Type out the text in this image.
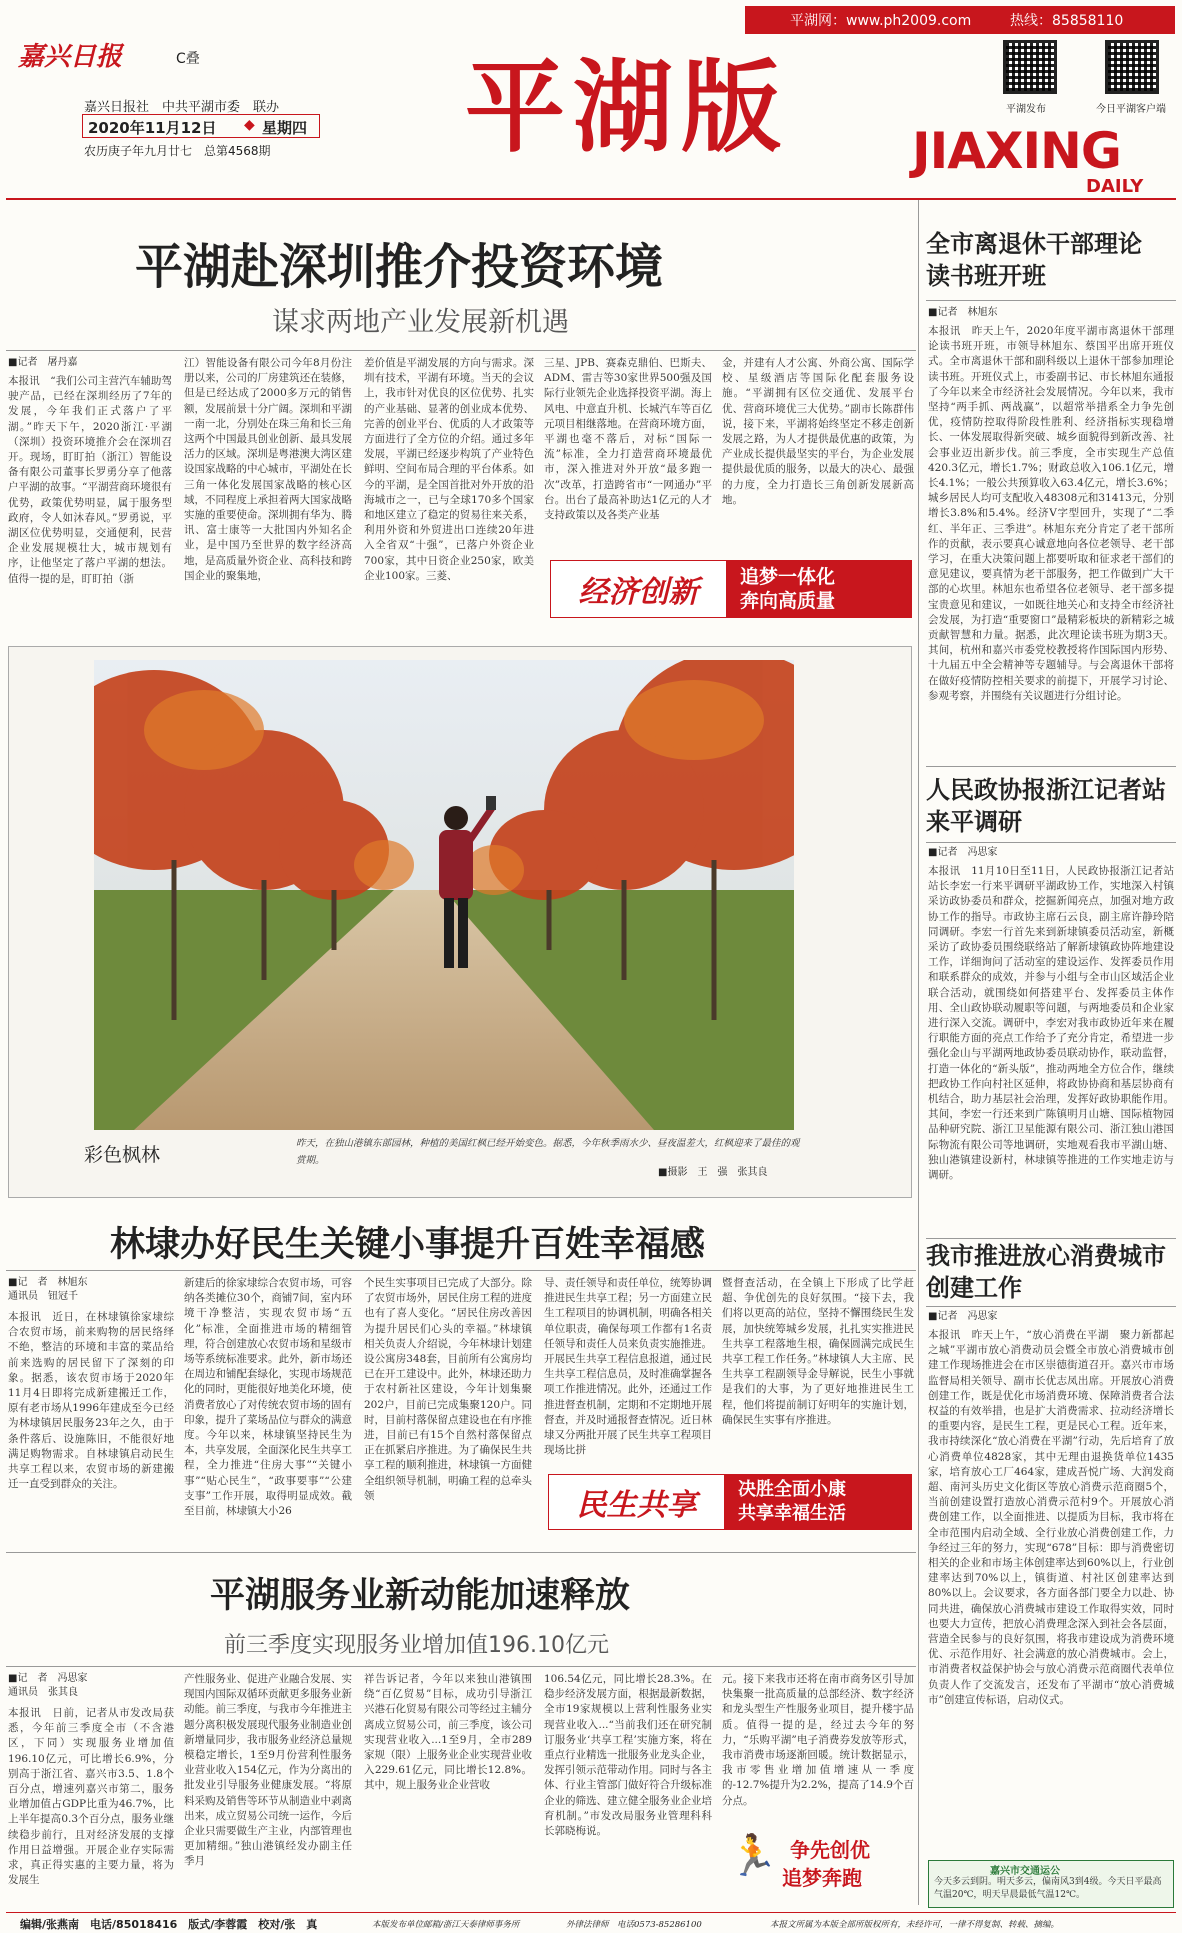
平湖网：www.ph2009.com	热线：85858110
嘉兴日报	C叠
嘉兴日报社　中共平湖市委　联办
2020年11月12日 ◆ 星期四
农历庚子年九月廿七　总第4568期 平湖版	平湖发布	今日平湖客户端
JIAXING
DAILY
平湖赴深圳推介投资环境
谋求两地产业发展新机遇
■记者　屠丹嘉
本报讯　“我们公司主营汽车辅助驾驶产品，已经在深圳经历了7年的发展，今年我们正式落户了平湖。”昨天下午，2020浙江·平湖（深圳）投资环境推介会在深圳召开。现场，盯盯拍（浙江）智能设备有限公司董事长罗勇分享了他落户平湖的故事。“平湖营商环境很有优势，政策优势明显，属于服务型政府，令人如沐春风。”罗勇说，平湖区位优势明显，交通便利，民营企业发展规模壮大，城市规划有序，让他坚定了落户平湖的想法。值得一提的是，盯盯拍（浙
江）智能设备有限公司今年8月份注册以来，公司的厂房建筑还在装修，但是已经达成了2000多万元的销售额，发展前景十分广阔。深圳和平湖一南一北，分别处在珠三角和长三角这两个中国最具创业创新、最具发展活力的区域。深圳是粤港澳大湾区建设国家战略的中心城市，平湖处在长三角一体化发展国家战略的核心区域，不同程度上承担着两大国家战略实施的重要使命。深圳拥有华为、腾讯、富士康等一大批国内外知名企业，是中国乃至世界的数字经济高地，是高质量外资企业、高科技和跨国企业的聚集地，
差价值是平湖发展的方向与需求。深圳有技术，平湖有环境。当天的会议上，我市针对优良的区位优势、扎实的产业基础、显著的创业成本优势、完善的创业平台、优质的人才政策等方面进行了全方位的介绍。通过多年发展，平湖已经逐步构筑了产业特色鲜明、空间布局合理的平台体系。如今的平湖，是全国首批对外开放的沿海城市之一，已与全球170多个国家和地区建立了稳定的贸易往来关系，利用外资和外贸进出口连续20年进入全省双“十强”，已落户外资企业700家，其中日资企业250家，欧美企业100家。三菱、
三星、JPB、赛森克鼎伯、巴斯夫、ADM、雷吉等30家世界500强及国际行业领先企业选择投资平湖。海上风电、中意直升机、长城汽车等百亿元项目相继落地。在营商环境方面，平湖也毫不落后，对标“国际一流”标准，全力打造营商环境最优市，深入推进对外开放“最多跑一次”改革，打造跨省市“一网通办”平台。出台了最高补助达1亿元的人才支持政策以及各类产业基
金，并建有人才公寓、外商公寓、国际学校、星级酒店等国际化配套服务设施。“平湖拥有区位交通优、发展平台优、营商环境优三大优势。”副市长陈群伟说，接下来，平湖将始终坚定不移走创新发展之路，为人才提供最优惠的政策，为产业成长提供最坚实的平台，为企业发展提供最优质的服务，以最大的决心、最强的力度，全力打造长三角创新发展新高地。
经济创新	追梦一体化
奔向高质量
彩色枫林
昨天，在独山港镇东部园林，种植的美国红枫已经开始变色。据悉，今年秋季雨水少、昼夜温差大，红枫迎来了最佳的观赏期。
■摄影　王　强　张其良
林埭办好民生关键小事提升百姓幸福感
■记　者　林旭东
通讯员　钮冠千
本报讯　近日，在林埭镇徐家埭综合农贸市场，前来购物的居民络绎不绝，整洁的环境和丰富的菜品给前来选购的居民留下了深刻的印象。据悉，该农贸市场于2020年11月4日即将完成新建搬迁工作，原有老市场从1996年建成至今已经为林埭镇居民服务23年之久，由于条件落后、设施陈旧，不能很好地满足购物需求。自林埭镇启动民生共享工程以来，农贸市场的新建搬迁一直受到群众的关注。
新建后的徐家埭综合农贸市场，可容纳各类摊位30个，商铺7间，室内环境干净整洁，实现农贸市场“五化”标准，全面推进市场的精细管理，符合创建放心农贸市场和星级市场等系统标准要求。此外，新市场还在周边和铺配套绿化，实现市场规范化的同时，更能很好地美化环境，使消费者放心了对传统农贸市场的固有印象，提升了菜场品位与群众的满意度。今年以来，林埭镇坚持民生为本，共享发展，全面深化民生共享工程，全力推进“住房大事”“关键小事”“贴心民生”，“政事要事”“公建支事”工作开展，取得明显成效。截至目前，林埭镇大小26
个民生实事项目已完成了大部分。除了农贸市场外，居民住房工程的进度也有了喜人变化。“居民住房改善因为提升居民们心头的幸福。”林埭镇相关负责人介绍说，今年林埭计划建设公寓房348套，目前所有公寓房均已在开工建设中。此外，林埭还助力于农村新社区建设，今年计划集聚202户，目前已完成集聚120户。同时，目前村落保留点建设也在有序推进，目前已有15个自然村落保留点正在抓紧启序推进。为了确保民生共享工程的顺利推进，林埭镇一方面健全组织领导机制，明确工程的总牵头领
导、责任领导和责任单位，统筹协调推进民生共享工程；另一方面建立民生工程项目的协调机制，明确各相关单位职责，确保每项工作都有1名责任领导和责任人员来负责实施推进。开展民生共享工程信息报道，通过民生共享工程信息员，及时准确掌握各项工作推进情况。此外，还通过工作推进督查机制，定期和不定期地开展督查，并及时通报督查情况。近日林埭又分两批开展了民生共享工程项目现场比拼
暨督查活动，在全镇上下形成了比学赶超、争优创先的良好氛围。“接下去，我们将以更高的站位，坚持不懈围绕民生发展，加快统筹城乡发展，扎扎实实推进民生共享工程落地生根，确保圆满完成民生共享工程工作任务。”林埭镇人大主席、民生共享工程副领导金导解说，民生小事就是我们的大事，为了更好地推进民生工程，他们将提前制订好明年的实施计划，确保民生实事有序推进。
民生共享	决胜全面小康
共享幸福生活
平湖服务业新动能加速释放
前三季度实现服务业增加值196.10亿元
■记　者　冯思家
通讯员　张其良
本报讯　日前，记者从市发改局获悉，今年前三季度全市（不含港区，下同）实现服务业增加值196.10亿元，可比增长6.9%，分别高于浙江省、嘉兴市3.5、1.8个百分点，增速列嘉兴市第二，服务业增加值占GDP比重为46.7%，比上半年提高0.3个百分点，服务业继续稳步前行，且对经济发展的支撑作用日益增强。开展企业存实际需求，真正得实惠的主要力量，将为发展生
产性服务业、促进产业融合发展、实现国内国际双循环贡献更多服务业新动能。前三季度，与我市今年推进主题分离积极发展现代服务业制造业创新增量同步，我市服务业经济总量规模稳定增长，1至9月份营利性服务业营业收入154亿元，作为分离出的批发业引导服务业健康发展。“将原料采购及销售等环节从制造业中剥离出来，成立贸易公司统一运作，今后企业只需要做生产主业，内部管理也更加精细。”独山港镇经发办副主任季月
祥告诉记者，今年以来独山港镇围绕“百亿贸易”目标，成功引导浙江兴港石化贸易有限公司等经过主辅分离成立贸易公司，前三季度，该公司实现营业收入...1至9月，全市289家规（限）上服务业企业实现营业收入229.61亿元，同比增长12.8%。其中，规上服务业企业营收
106.54亿元，同比增长28.3%。在稳步经济发展方面，根据最新数据，全市19家规模以上营利性服务业实现营业收入...“当前我们还在研究制订服务业‘共享工程’实施方案，将在重点行业精选一批服务业龙头企业，发挥引领示范带动作用。同时与各主体、行业主管部门做好符合升级标准企业的筛选、建立健全服务业企业培育机制。”市发改局服务业管理科科长郭晓梅说。
元。接下来我市还将在南市商务区引导加快集聚一批高质量的总部经济、数字经济和龙头型生产性服务业项目，提升楼宇品质。值得一提的是，经过去今年的努力，“乐购平湖”电子消费券发放等形式，我市消费市场逐渐回暖。统计数据显示，我市零售业增加值增速从一季度的-12.7%提升为2.2%，提高了14.9个百分点。
🏃 争先创优
追梦奔跑
全市离退休干部理论读书班开班
■记者　林旭东
本报讯　昨天上午，2020年度平湖市离退休干部理论读书班开班，市领导林旭东、蔡国平出席开班仪式。全市离退休干部和副科级以上退休干部参加理论读书班。开班仪式上，市委副书记、市长林旭东通报了今年以来全市经济社会发展情况。今年以来，我市坚持“两手抓、两战赢”，以超常举措系全力争先创优，疫情防控取得阶段性胜利、经济指标实现稳增长、一体发展取得新突破、城乡面貌得到新改善、社会事业迈出新步伐。前三季度，全市实现生产总值420.3亿元，增长1.7%；财政总收入106.1亿元，增长4.1%；一般公共预算收入63.4亿元，增长3.6%；城乡居民人均可支配收入48308元和31413元，分别增长3.8%和5.4%。经济V字型回升，实现了“二季红、半年正、三季进”。林旭东充分肯定了老干部所作的贡献，表示要真心诚意地向各位老领导、老干部学习，在重大决策问题上都要听取和征求老干部们的意见建议，要真情为老干部服务，把工作做到广大干部的心坎里。林旭东也希望各位老领导、老干部多提宝贵意见和建议，一如既往地关心和支持全市经济社会发展，为打造“重要窗口”最精彩板块的新精彩之城贡献智慧和力量。据悉，此次理论读书班为期3天。其间，杭州和嘉兴市委党校教授将作国际国内形势、十九届五中全会精神等专题辅导。与会离退休干部将在做好疫情防控相关要求的前提下，开展学习讨论、参观考察，并围绕有关议题进行分组讨论。
人民政协报浙江记者站来平调研
■记者　冯思家
本报讯　11月10日至11日，人民政协报浙江记者站站长李宏一行来平调研平湖政协工作，实地深入村镇采访政协委员和群众，挖掘新闻亮点，加强对地方政协工作的指导。市政协主席石云良，副主席许静玲陪同调研。李宏一行首先来到新埭镇委员活动室，新概采访了政协委员围绕联络站了解新埭镇政协阵地建设工作，详细询问了活动室的建设运作、发挥委员作用和联系群众的成效，并参与小组与全市山区域活企业联合活动，就围绕如何搭建平台、发挥委员主体作用、全山政协联动履职等问题，与两地委员和企业家进行深入交流。调研中，李宏对我市政协近年来在履行职能方面的亮点工作给予了充分肯定，希望进一步强化金山与平湖两地政协委员联动协作，联动监督，打造一体化的“新头版”，推动两地全方位合作，继续把政协工作向村社区延伸，将政协协商和基层协商有机结合，助力基层社会治理，发挥好政协职能作用。其间，李宏一行还来到广陈镇明月山塘、国际植物园品种研究院、浙江卫星能源有限公司、浙江独山港国际物流有限公司等地调研，实地观看我市平湖山塘、独山港镇建设新村，林埭镇等推进的工作实地走访与调研。
我市推进放心消费城市创建工作
■记者　冯思家
本报讯　昨天上午，“放心消费在平湖　聚力新都起之城”平湖市放心消费动员会暨全市放心消费城市创建工作现场推进会在市区崇德街道召开。嘉兴市市场监督局相关领导、副市长优志凤出席。开展放心消费创建工作，既是优化市场消费环境、保障消费者合法权益的有效举措，也是扩大消费需求、拉动经济增长的重要内容，是民生工程，更是民心工程。近年来，我市持续深化“放心消费在平湖”行动，先后培育了放心消费单位4828家，其中无理由退换货单位1435家，培育放心工厂464家，建成吾悦广场、大润发商超、南河头历史文化街区等放心消费示范商圈5个，当前创建设置打造放心消费示范村9个。开展放心消费创建工作，以全面推进、以提质为目标，我市将在全市范围内启动全域、全行业放心消费创建工作，力争经过三年的努力，实现“678”目标：即与消费密切相关的企业和市场主体创建率达到60%以上，行业创建率达到70%以上，镇街道、村社区创建率达到80%以上。会议要求，各方面各部门要全力以赴、协同共进，确保放心消费城市建设工作取得实效，同时也要大力宣传，把放心消费理念深入到社会各层面，营造全民参与的良好氛围，将我市建设成为消费环境优、示范作用好、社会满意的放心消费城市。会上，市消费者权益保护协会与放心消费示范商圈代表单位负责人作了交流发言，还发布了平湖市“放心消费城市”创建宣传标语，启动仪式。
嘉兴市交通运公
今天多云到阴。明天多云，偏南风3到4级。今天日平最高气温20℃，明天早晨最低气温12℃。
编辑/张燕南　电话/85018416　版式/李蓉霞　校对/张　真	本版发布单位邮箱/浙江天泰律师事务所	外律法律师　电话0573-85286100	本报文所属为本版全部所版权所有，未经许可，一律不得复制、转载、摘编。
